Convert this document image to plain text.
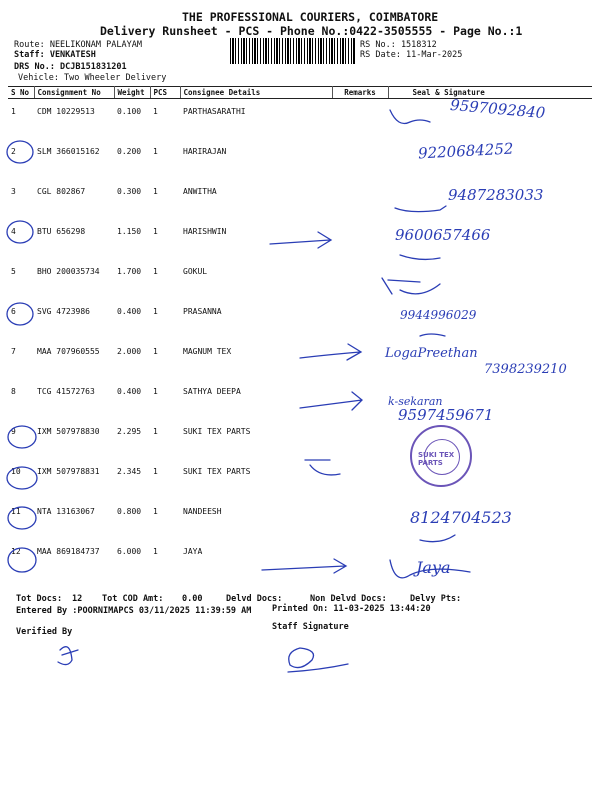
THE PROFESSIONAL COURIERS, COIMBATORE
Delivery Runsheet - PCS - Phone No.:0422-3505555 - Page No.:1
Route: NEELIKONAM PALAYAM
Staff: VENKATESH
DRS No.: DCJB151831201
Vehicle: Two Wheeler Delivery
RS No.: 1518312
RS Date: 11-Mar-2025
S No	Consignment No	Weight	PCS	Consignee Details	Remarks	Seal & Signature
1	CDM 10229513	0.100	1	PARTHASARATHI		
2	SLM 366015162	0.200	1	HARIRAJAN		
3	CGL 802867	0.300	1	ANWITHA		
4	BTU 656298	1.150	1	HARISHWIN		
5	BHO 200035734	1.700	1	GOKUL		
6	SVG 4723986	0.400	1	PRASANNA		
7	MAA 707960555	2.000	1	MAGNUM TEX		
8	TCG 41572763	0.400	1	SATHYA DEEPA		
9	IXM 507978830	2.295	1	SUKI TEX PARTS		
10	IXM 507978831	2.345	1	SUKI TEX PARTS		
11	NTA 13163067	0.800	1	NANDEESH		
12	MAA 869184737	6.000	1	JAYA		
9597092840
9220684252
9487283033
9600657466
9944996029
LogaPreethan
7398239210
k-sekaran
9597459671
8124704523
Jaya
SUKI TEX PARTS
Tot Docs: 12 Tot COD Amt: 0.00	Delvd Docs:	Non Delvd Docs:	Delvy Pts:
Entered By :POORNIMAPCS 03/11/2025 11:39:59 AM Printed On: 11-03-2025 13:44:20
Verified By	Staff Signature
